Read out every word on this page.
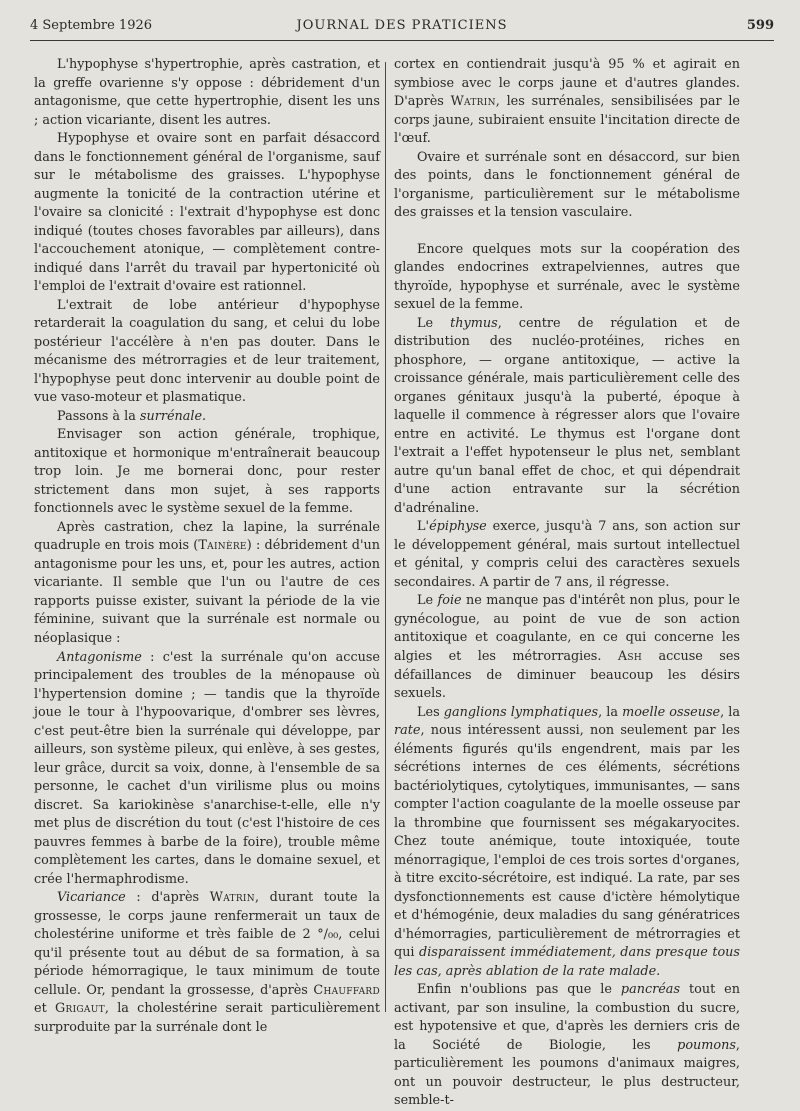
4 Septembre 1926	JOURNAL DES PRATICIENS	599

L'hypophyse s'hypertrophie, après castration, et la greffe ovarienne s'y oppose : débridement d'un antagonisme, que cette hypertrophie, disent les uns ; action vicariante, disent les autres.

Hypophyse et ovaire sont en parfait désaccord dans le fonctionnement général de l'organisme, sauf sur le métabolisme des graisses. L'hypophyse augmente la tonicité de la contraction utérine et l'ovaire sa clonicité : l'extrait d'hypophyse est donc indiqué (toutes choses favorables par ailleurs), dans l'accouchement atonique, — complètement contre-indiqué dans l'arrêt du travail par hypertonicité où l'emploi de l'extrait d'ovaire est rationnel.

L'extrait de lobe antérieur d'hypophyse retarderait la coagulation du sang, et celui du lobe postérieur l'accélère à n'en pas douter. Dans le mécanisme des métrorragies et de leur traitement, l'hypophyse peut donc intervenir au double point de vue vaso-moteur et plasmatique.

Passons à la surrénale.

Envisager son action générale, trophique, antitoxique et hormonique m'entraînerait beaucoup trop loin. Je me bornerai donc, pour rester strictement dans mon sujet, à ses rapports fonctionnels avec le système sexuel de la femme.

Après castration, chez la lapine, la surrénale quadruple en trois mois (Tainère) : débridement d'un antagonisme pour les uns, et, pour les autres, action vicariante. Il semble que l'un ou l'autre de ces rapports puisse exister, suivant la période de la vie féminine, suivant que la surrénale est normale ou néoplasique :

Antagonisme : c'est la surrénale qu'on accuse principalement des troubles de la ménopause où l'hypertension domine ; — tandis que la thyroïde joue le tour à l'hypoovarique, d'ombrer ses lèvres, c'est peut-être bien la surrénale qui développe, par ailleurs, son système pileux, qui enlève, à ses gestes, leur grâce, durcit sa voix, donne, à l'ensemble de sa personne, le cachet d'un virilisme plus ou moins discret. Sa kariokinèse s'anarchise-t-elle, elle n'y met plus de discrétion du tout (c'est l'histoire de ces pauvres femmes à barbe de la foire), trouble même complètement les cartes, dans le domaine sexuel, et crée l'hermaphrodisme.

Vicariance : d'après Watrin, durant toute la grossesse, le corps jaune renfermerait un taux de cholestérine uniforme et très faible de 2 °/₀₀, celui qu'il présente tout au début de sa formation, à sa période hémorragique, le taux minimum de toute cellule. Or, pendant la grossesse, d'après Chauffard et Grigaut, la cholestérine serait particulièrement surproduite par la surrénale dont le

cortex en contiendrait jusqu'à 95 % et agirait en symbiose avec le corps jaune et d'autres glandes. D'après Watrin, les surrénales, sensibilisées par le corps jaune, subiraient ensuite l'incitation directe de l'œuf.

Ovaire et surrénale sont en désaccord, sur bien des points, dans le fonctionnement général de l'organisme, particulièrement sur le métabolisme des graisses et la tension vasculaire.

Encore quelques mots sur la coopération des glandes endocrines extrapelviennes, autres que thyroïde, hypophyse et surrénale, avec le système sexuel de la femme.

Le thymus, centre de régulation et de distribution des nucléo-protéines, riches en phosphore, — organe antitoxique, — active la croissance générale, mais particulièrement celle des organes génitaux jusqu'à la puberté, époque à laquelle il commence à régresser alors que l'ovaire entre en activité. Le thymus est l'organe dont l'extrait a l'effet hypotenseur le plus net, semblant autre qu'un banal effet de choc, et qui dépendrait d'une action entravante sur la sécrétion d'adrénaline.

L'épiphyse exerce, jusqu'à 7 ans, son action sur le développement général, mais surtout intellectuel et génital, y compris celui des caractères sexuels secondaires. A partir de 7 ans, il régresse.

Le foie ne manque pas d'intérêt non plus, pour le gynécologue, au point de vue de son action antitoxique et coagulante, en ce qui concerne les algies et les métrorragies. Ash accuse ses défaillances de diminuer beaucoup les désirs sexuels.

Les ganglions lymphatiques, la moelle osseuse, la rate, nous intéressent aussi, non seulement par les éléments figurés qu'ils engendrent, mais par les sécrétions internes de ces éléments, sécrétions bactériolytiques, cytolytiques, immunisantes, — sans compter l'action coagulante de la moelle osseuse par la thrombine que fournissent ses mégakaryocites. Chez toute anémique, toute intoxiquée, toute ménorragique, l'emploi de ces trois sortes d'organes, à titre excito-sécrétoire, est indiqué. La rate, par ses dysfonctionnements est cause d'ictère hémolytique et d'hémogénie, deux maladies du sang génératrices d'hémorragies, particulièrement de métrorragies et qui disparaissent immédiatement, dans presque tous les cas, après ablation de la rate malade.

Enfin n'oublions pas que le pancréas tout en activant, par son insuline, la combustion du sucre, est hypotensive et que, d'après les derniers cris de la Société de Biologie, les poumons, particulièrement les poumons d'animaux maigres, ont un pouvoir destructeur, le plus destructeur, semble-t-
